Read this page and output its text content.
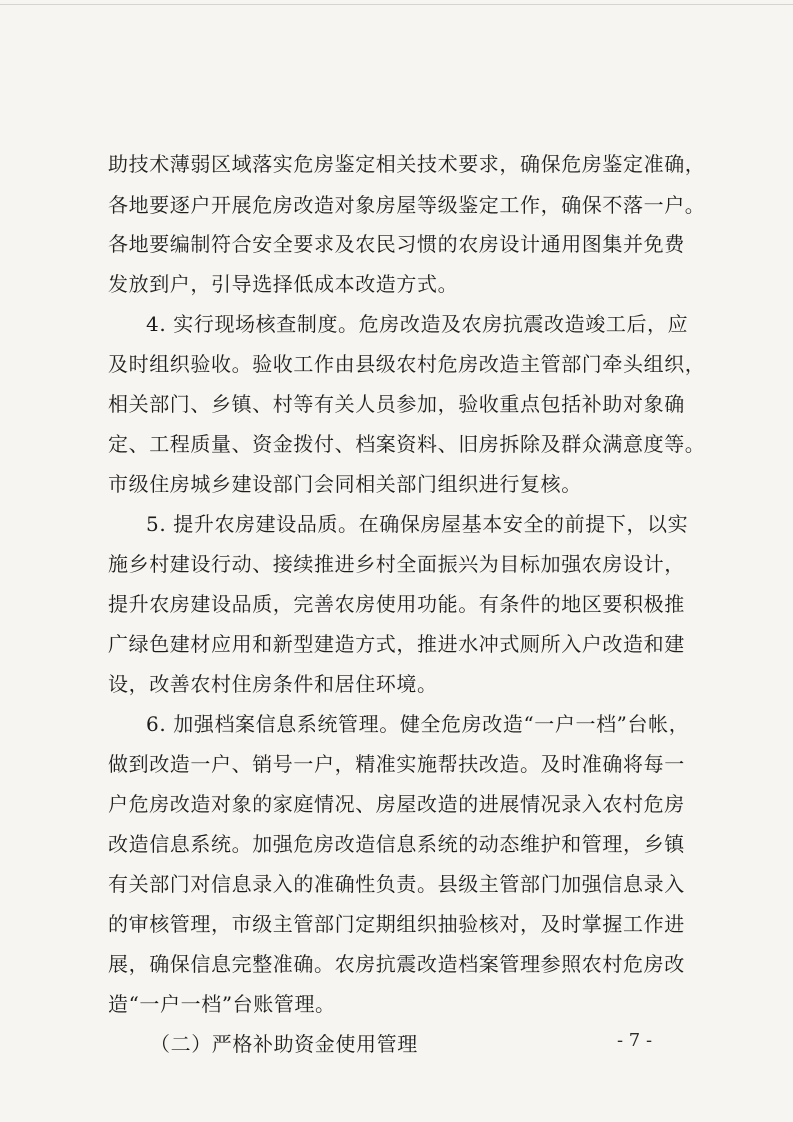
助技术薄弱区域落实危房鉴定相关技术要求，确保危房鉴定准确，
各地要逐户开展危房改造对象房屋等级鉴定工作，确保不落一户。
各地要编制符合安全要求及农民习惯的农房设计通用图集并免费
发放到户，引导选择低成本改造方式。
4. 实行现场核查制度。危房改造及农房抗震改造竣工后，应
及时组织验收。验收工作由县级农村危房改造主管部门牵头组织，
相关部门、乡镇、村等有关人员参加，验收重点包括补助对象确
定、工程质量、资金拨付、档案资料、旧房拆除及群众满意度等。
市级住房城乡建设部门会同相关部门组织进行复核。
5. 提升农房建设品质。在确保房屋基本安全的前提下，以实
施乡村建设行动、接续推进乡村全面振兴为目标加强农房设计，
提升农房建设品质，完善农房使用功能。有条件的地区要积极推
广绿色建材应用和新型建造方式，推进水冲式厕所入户改造和建
设，改善农村住房条件和居住环境。
6. 加强档案信息系统管理。健全危房改造“一户一档”台帐，
做到改造一户、销号一户，精准实施帮扶改造。及时准确将每一
户危房改造对象的家庭情况、房屋改造的进展情况录入农村危房
改造信息系统。加强危房改造信息系统的动态维护和管理，乡镇
有关部门对信息录入的准确性负责。县级主管部门加强信息录入
的审核管理，市级主管部门定期组织抽验核对，及时掌握工作进
展，确保信息完整准确。农房抗震改造档案管理参照农村危房改
造“一户一档”台账管理。
（二）严格补助资金使用管理	- 7 -
